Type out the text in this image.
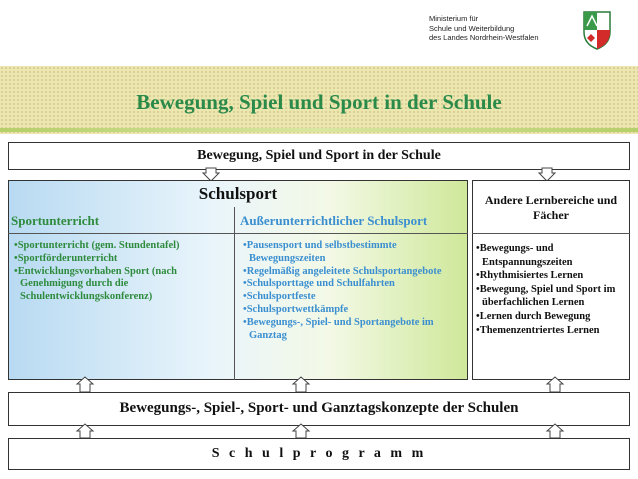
Ministerium für
Schule und Weiterbildung
des Landes Nordrhein-Westfalen
Bewegung, Spiel und Sport in der Schule
Bewegung, Spiel und Sport in der Schule
Schulsport
Sportunterricht	Außerunterrichtlicher Schulsport
•Sportunterricht (gem. Stundentafel)
•Sportförderunterricht
•Entwicklungsvorhaben Sport (nach Genehmigung durch die Schulentwicklungskonferenz)
•Pausensport und selbstbestimmte Bewegungszeiten
•Regelmäßig angeleitete Schulsportangebote
•Schulsporttage und Schulfahrten
•Schulsportfeste
•Schulsportwettkämpfe
•Bewegungs-, Spiel- und Sportangebote im Ganztag
Andere Lernbereiche und Fächer
•Bewegungs- und Entspannungszeiten
•Rhythmisiertes Lernen
•Bewegung, Spiel und Sport im überfachlichen Lernen
•Lernen durch Bewegung
•Themenzentriertes Lernen
Bewegungs-, Spiel-, Sport- und Ganztagskonzepte der Schulen
S c h u l p r o g r a m m
